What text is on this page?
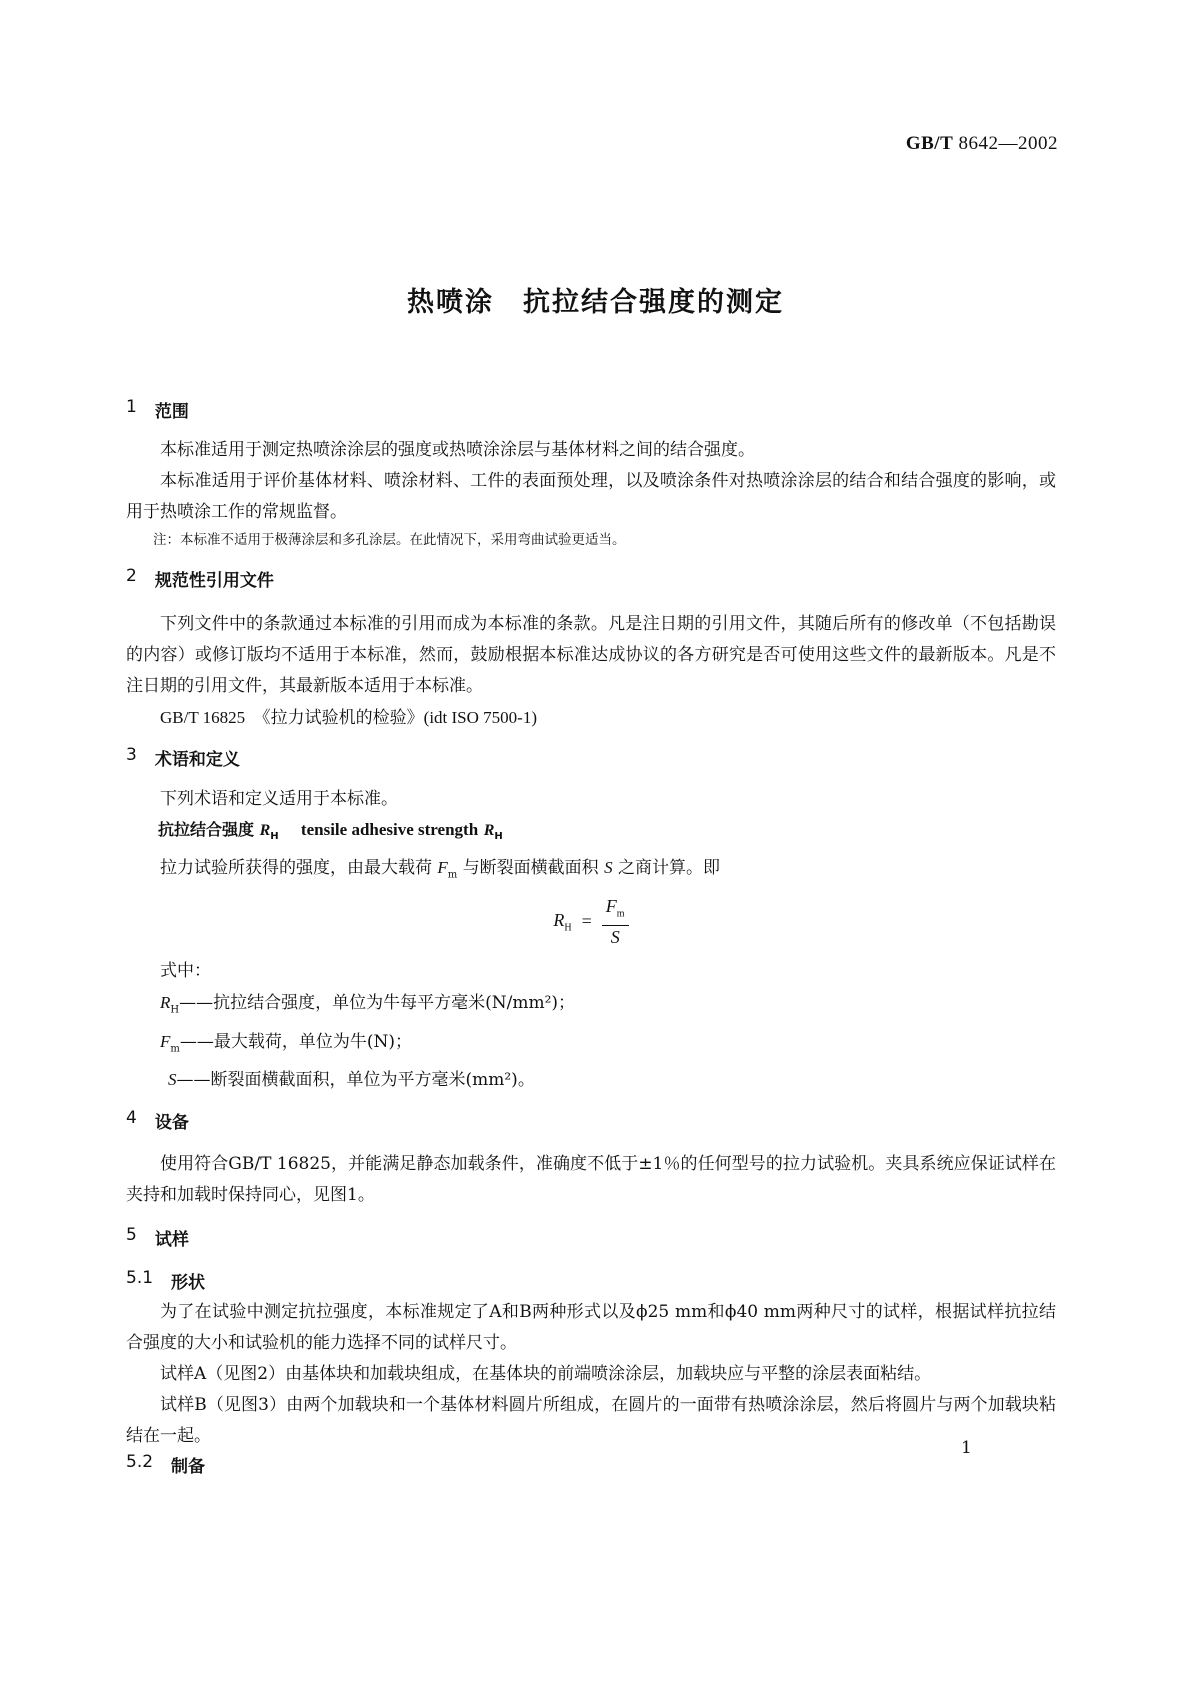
GB/T 8642—2002
热喷涂　抗拉结合强度的测定
1 范围

本标准适用于测定热喷涂涂层的强度或热喷涂涂层与基体材料之间的结合强度。

本标准适用于评价基体材料、喷涂材料、工件的表面预处理，以及喷涂条件对热喷涂涂层的结合和结合强度的影响，或用于热喷涂工作的常规监督。

注：本标准不适用于极薄涂层和多孔涂层。在此情况下，采用弯曲试验更适当。
2 规范性引用文件

下列文件中的条款通过本标准的引用而成为本标准的条款。凡是注日期的引用文件，其随后所有的修改单（不包括勘误的内容）或修订版均不适用于本标准，然而，鼓励根据本标准达成协议的各方研究是否可使用这些文件的最新版本。凡是不注日期的引用文件，其最新版本适用于本标准。

GB/T 16825　《拉力试验机的检验》(idt ISO 7500-1)
3 术语和定义

下列术语和定义适用于本标准。

抗拉结合强度 $R_H$ tensile adhesive strength $R_H$
拉力试验所获得的强度，由最大载荷 $F_m$ 与断裂面横截面积 S 之商计算。即
$R_H = \frac{F_m}{S}$
式中：
$R_H——$抗拉结合强度，单位为牛每平方毫米(N/mm²)；
$F_m——$最大载荷，单位为牛(N)；
S——断裂面横截面积，单位为平方毫米(mm²)。
4 设备

使用符合GB/T 16825，并能满足静态加载条件，准确度不低于±1％的任何型号的拉力试验机。夹具系统应保证试样在夹持和加载时保持同心，见图1。

5 试样
5.1 形状

为了在试验中测定抗拉强度，本标准规定了A和B两种形式以及ϕ25 mm和ϕ40 mm两种尺寸的试样，根据试样抗拉结合强度的大小和试验机的能力选择不同的试样尺寸。

试样A（见图2）由基体块和加载块组成，在基体块的前端喷涂涂层，加载块应与平整的涂层表面粘结。

试样B（见图3）由两个加载块和一个基体材料圆片所组成，在圆片的一面带有热喷涂涂层，然后将圆片与两个加载块粘结在一起。

5.2 制备
1
